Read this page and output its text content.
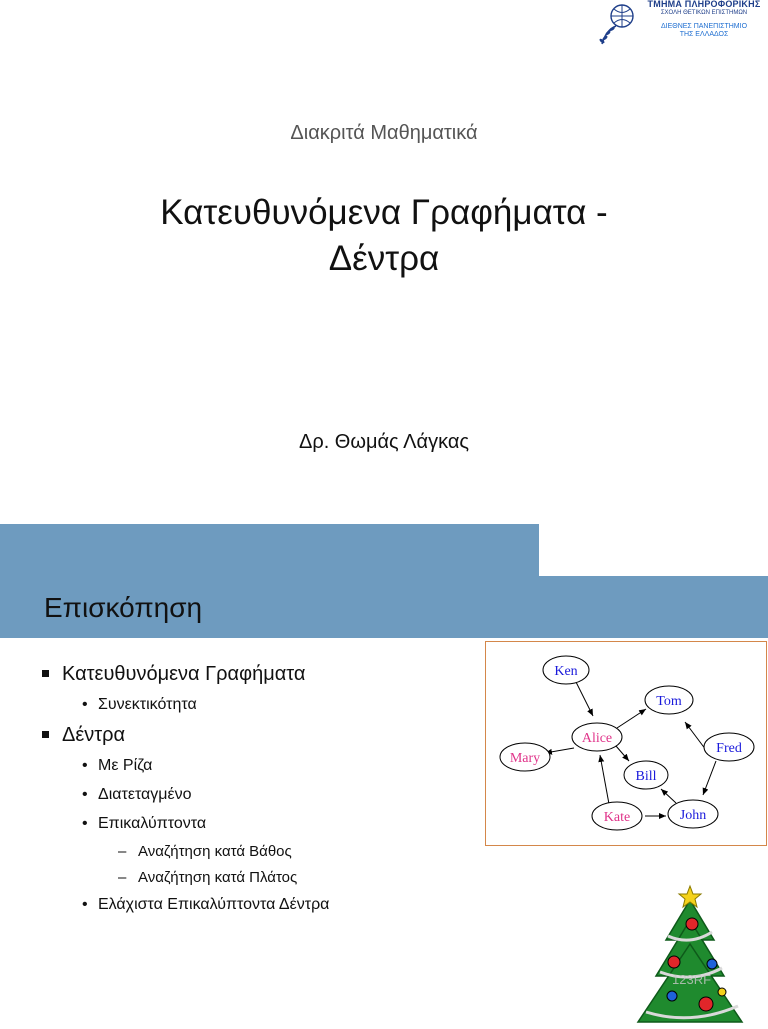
ΤΜΗΜΑ ΠΛΗΡΟΦΟΡΙΚΗΣ
ΣΧΟΛΗ ΘΕΤΙΚΩΝ ΕΠΙΣΤΗΜΩΝ
ΔΙΕΘΝΕΣ ΠΑΝΕΠΙΣΤΗΜΙΟ
ΤΗΣ ΕΛΛΑΔΟΣ
Διακριτά Μαθηματικά
Κατευθυνόμενα Γραφήματα -
Δέντρα
Δρ. Θωμάς Λάγκας
Επισκόπηση
Κατευθυνόμενα Γραφήματα
• Συνεκτικότητα
Δέντρα
• Με Ρίζα
• Διατεταγμένο
• Επικαλύπτοντα
– Αναζήτηση κατά Βάθος
– Αναζήτηση κατά Πλάτος
• Ελάχιστα Επικαλύπτοντα Δέντρα
Ken
Tom
Alice
Fred
Mary
Bill
Kate	John
123RF
